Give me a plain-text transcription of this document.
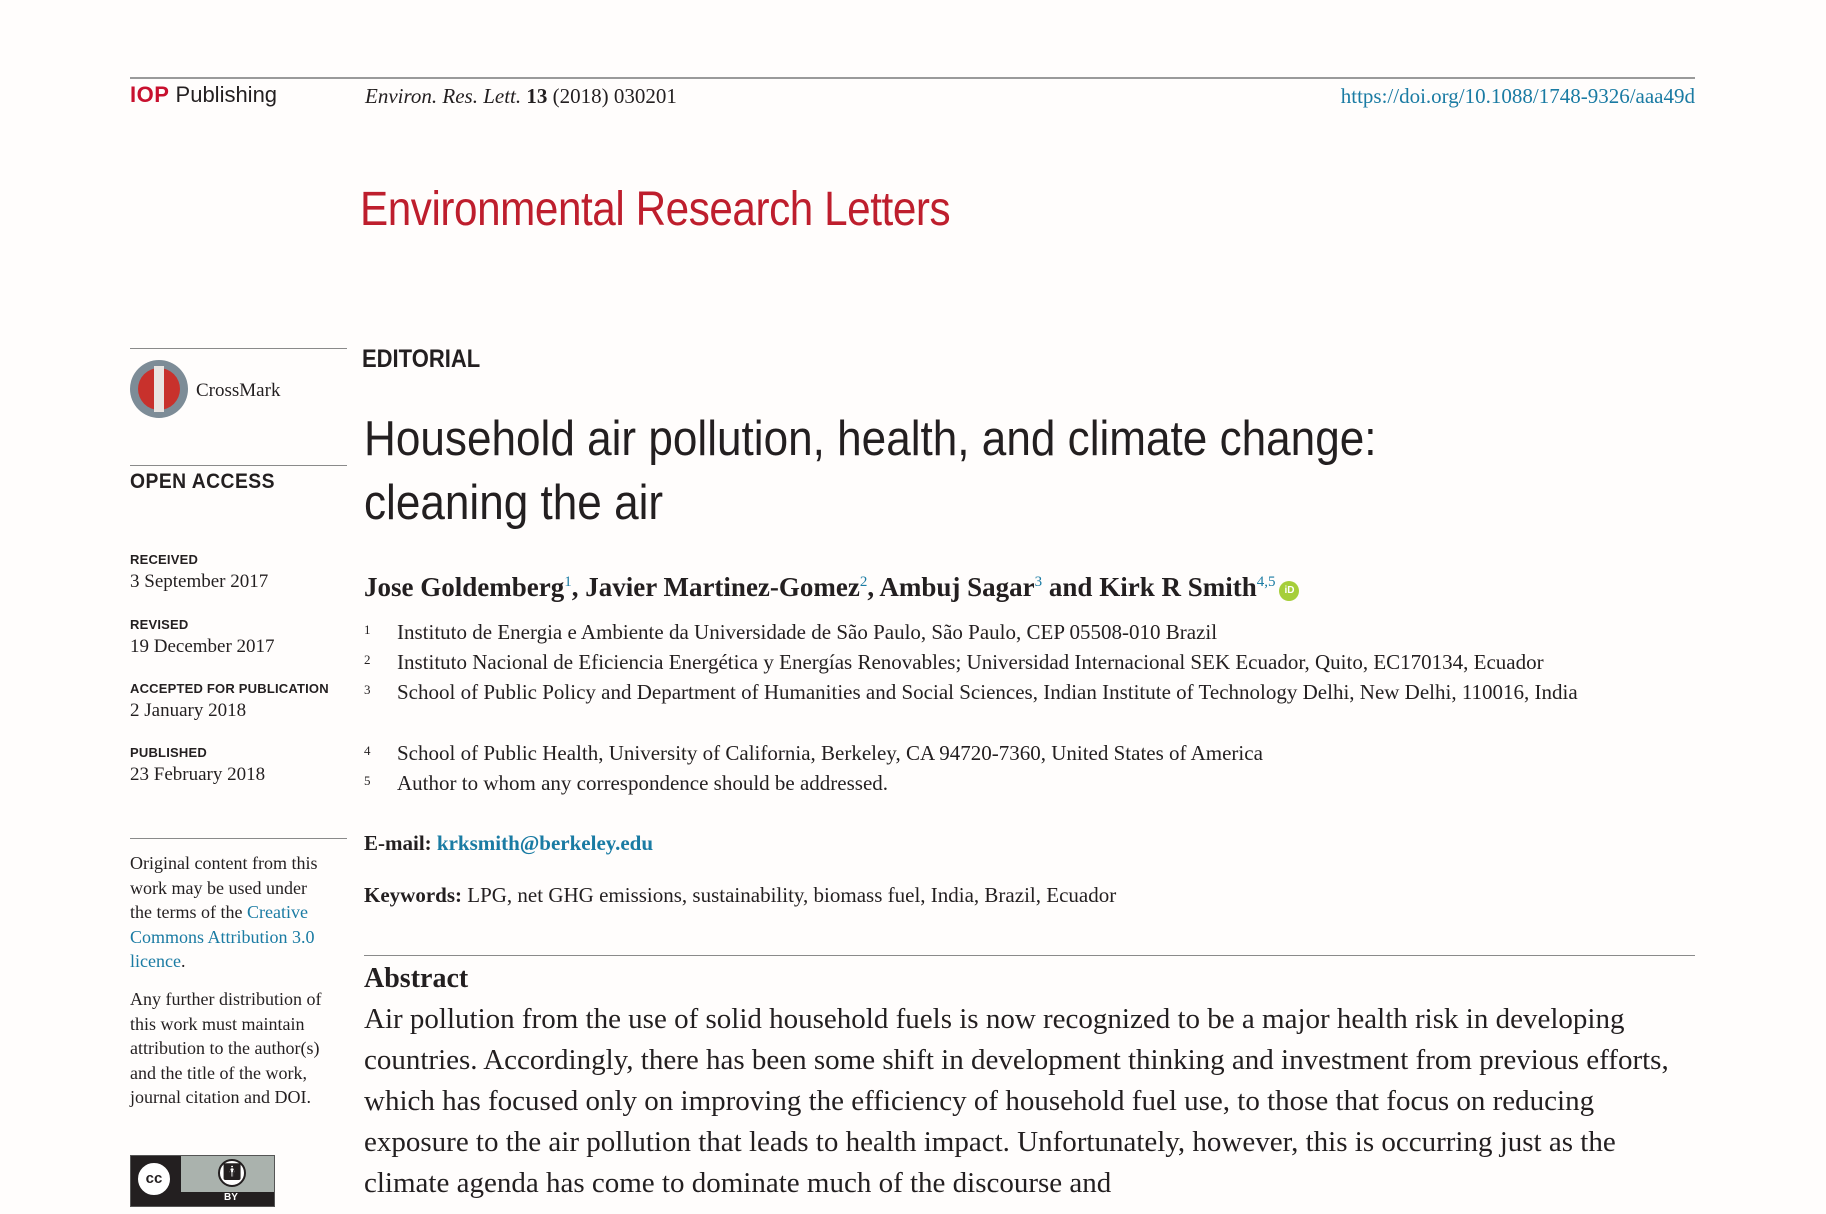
IOP Publishing	Environ. Res. Lett. 13 (2018) 030201	https://doi.org/10.1088/1748-9326/aaa49d
Environmental Research Letters
CrossMark
OPEN ACCESS
RECEIVED
3 September 2017
REVISED
19 December 2017
ACCEPTED FOR PUBLICATION
2 January 2018
PUBLISHED
23 February 2018
Original content from this work may be used under the terms of the Creative Commons Attribution 3.0 licence.
Any further distribution of this work must maintain attribution to the author(s) and the title of the work, journal citation and DOI.
cc	🚹︎
BY
EDITORIAL
Household air pollution, health, and climate change:
cleaning the air
Jose Goldemberg$^1$, Javier Martinez-Gomez$^2$, Ambuj Sagar$^3$ and Kirk R Smith$^{4,5}$iD
1 Instituto de Energia e Ambiente da Universidade de São Paulo, São Paulo, CEP 05508-010 Brazil
2 Instituto Nacional de Eficiencia Energética y Energías Renovables; Universidad Internacional SEK Ecuador, Quito, EC170134, Ecuador
3 School of Public Policy and Department of Humanities and Social Sciences, Indian Institute of Technology Delhi, New Delhi, 110016, India
4 School of Public Health, University of California, Berkeley, CA 94720-7360, United States of America
5 Author to whom any correspondence should be addressed.
E-mail: krksmith@berkeley.edu
Keywords: LPG, net GHG emissions, sustainability, biomass fuel, India, Brazil, Ecuador
Abstract
Air pollution from the use of solid household fuels is now recognized to be a major health risk in developing countries. Accordingly, there has been some shift in development thinking and investment from previous efforts, which has focused only on improving the efficiency of household fuel use, to those that focus on reducing exposure to the air pollution that leads to health impact. Unfortunately, however, this is occurring just as the climate agenda has come to dominate much of the discourse and
